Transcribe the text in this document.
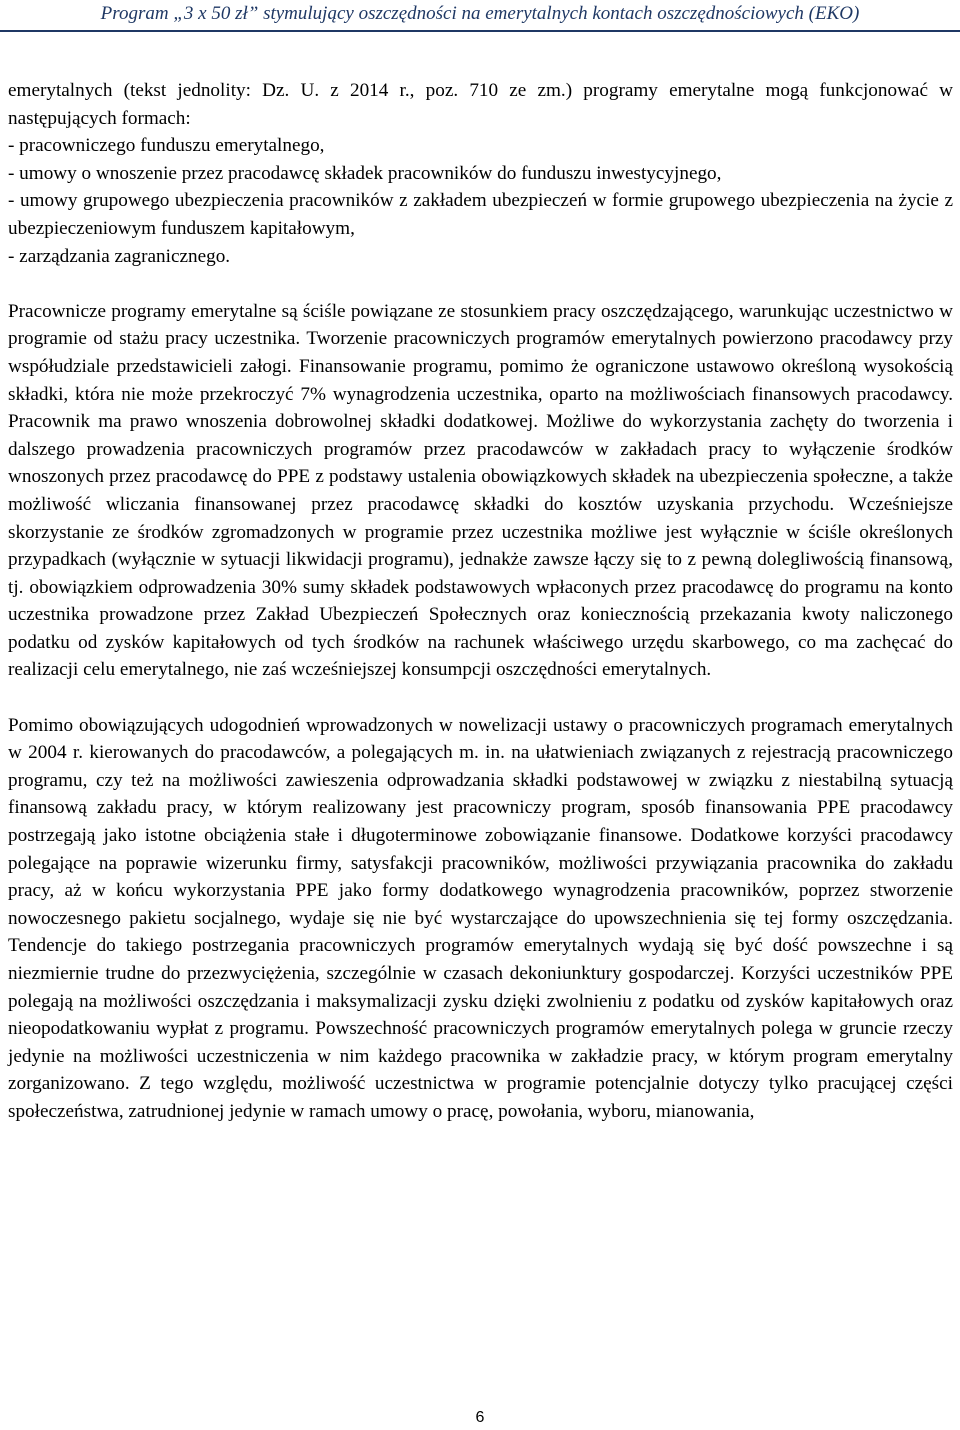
Program „3 x 50 zł” stymulujący oszczędności na emerytalnych kontach oszczędnościowych (EKO)

emerytalnych (tekst jednolity: Dz. U. z 2014 r., poz. 710 ze zm.) programy emerytalne mogą funkcjonować w następujących formach:

- pracowniczego funduszu emerytalnego,

- umowy o wnoszenie przez pracodawcę składek pracowników do funduszu inwestycyjnego,

- umowy grupowego ubezpieczenia pracowników z zakładem ubezpieczeń w formie grupowego ubezpieczenia na życie z ubezpieczeniowym funduszem kapitałowym,

- zarządzania zagranicznego.

Pracownicze programy emerytalne są ściśle powiązane ze stosunkiem pracy oszczędzającego, warunkując uczestnictwo w programie od stażu pracy uczestnika. Tworzenie pracowniczych programów emerytalnych powierzono pracodawcy przy współudziale przedstawicieli załogi. Finansowanie programu, pomimo że ograniczone ustawowo określoną wysokością składki, która nie może przekroczyć 7% wynagrodzenia uczestnika, oparto na możliwościach finansowych pracodawcy. Pracownik ma prawo wnoszenia dobrowolnej składki dodatkowej. Możliwe do wykorzystania zachęty do tworzenia i dalszego prowadzenia pracowniczych programów przez pracodawców w zakładach pracy to wyłączenie środków wnoszonych przez pracodawcę do PPE z podstawy ustalenia obowiązkowych składek na ubezpieczenia społeczne, a także możliwość wliczania finansowanej przez pracodawcę składki do kosztów uzyskania przychodu. Wcześniejsze skorzystanie ze środków zgromadzonych w programie przez uczestnika możliwe jest wyłącznie w ściśle określonych przypadkach (wyłącznie w sytuacji likwidacji programu), jednakże zawsze łączy się to z pewną dolegliwością finansową, tj. obowiązkiem odprowadzenia 30% sumy składek podstawowych wpłaconych przez pracodawcę do programu na konto uczestnika prowadzone przez Zakład Ubezpieczeń Społecznych oraz koniecznością przekazania kwoty naliczonego podatku od zysków kapitałowych od tych środków na rachunek właściwego urzędu skarbowego, co ma zachęcać do realizacji celu emerytalnego, nie zaś wcześniejszej konsumpcji oszczędności emerytalnych.

Pomimo obowiązujących udogodnień wprowadzonych w nowelizacji ustawy o pracowniczych programach emerytalnych w 2004 r. kierowanych do pracodawców, a polegających m. in. na ułatwieniach związanych z rejestracją pracowniczego programu, czy też na możliwości zawieszenia odprowadzania składki podstawowej w związku z niestabilną sytuacją finansową zakładu pracy, w którym realizowany jest pracowniczy program, sposób finansowania PPE pracodawcy postrzegają jako istotne obciążenia stałe i długoterminowe zobowiązanie finansowe. Dodatkowe korzyści pracodawcy polegające na poprawie wizerunku firmy, satysfakcji pracowników, możliwości przywiązania pracownika do zakładu pracy, aż w końcu wykorzystania PPE jako formy dodatkowego wynagrodzenia pracowników, poprzez stworzenie nowoczesnego pakietu socjalnego, wydaje się nie być wystarczające do upowszechnienia się tej formy oszczędzania. Tendencje do takiego postrzegania pracowniczych programów emerytalnych wydają się być dość powszechne i są niezmiernie trudne do przezwyciężenia, szczególnie w czasach dekoniunktury gospodarczej. Korzyści uczestników PPE polegają na możliwości oszczędzania i maksymalizacji zysku dzięki zwolnieniu z podatku od zysków kapitałowych oraz nieopodatkowaniu wypłat z programu. Powszechność pracowniczych programów emerytalnych polega w gruncie rzeczy jedynie na możliwości uczestniczenia w nim każdego pracownika w zakładzie pracy, w którym program emerytalny zorganizowano. Z tego względu, możliwość uczestnictwa w programie potencjalnie dotyczy tylko pracującej części społeczeństwa, zatrudnionej jedynie w ramach umowy o pracę, powołania, wyboru, mianowania,

6
